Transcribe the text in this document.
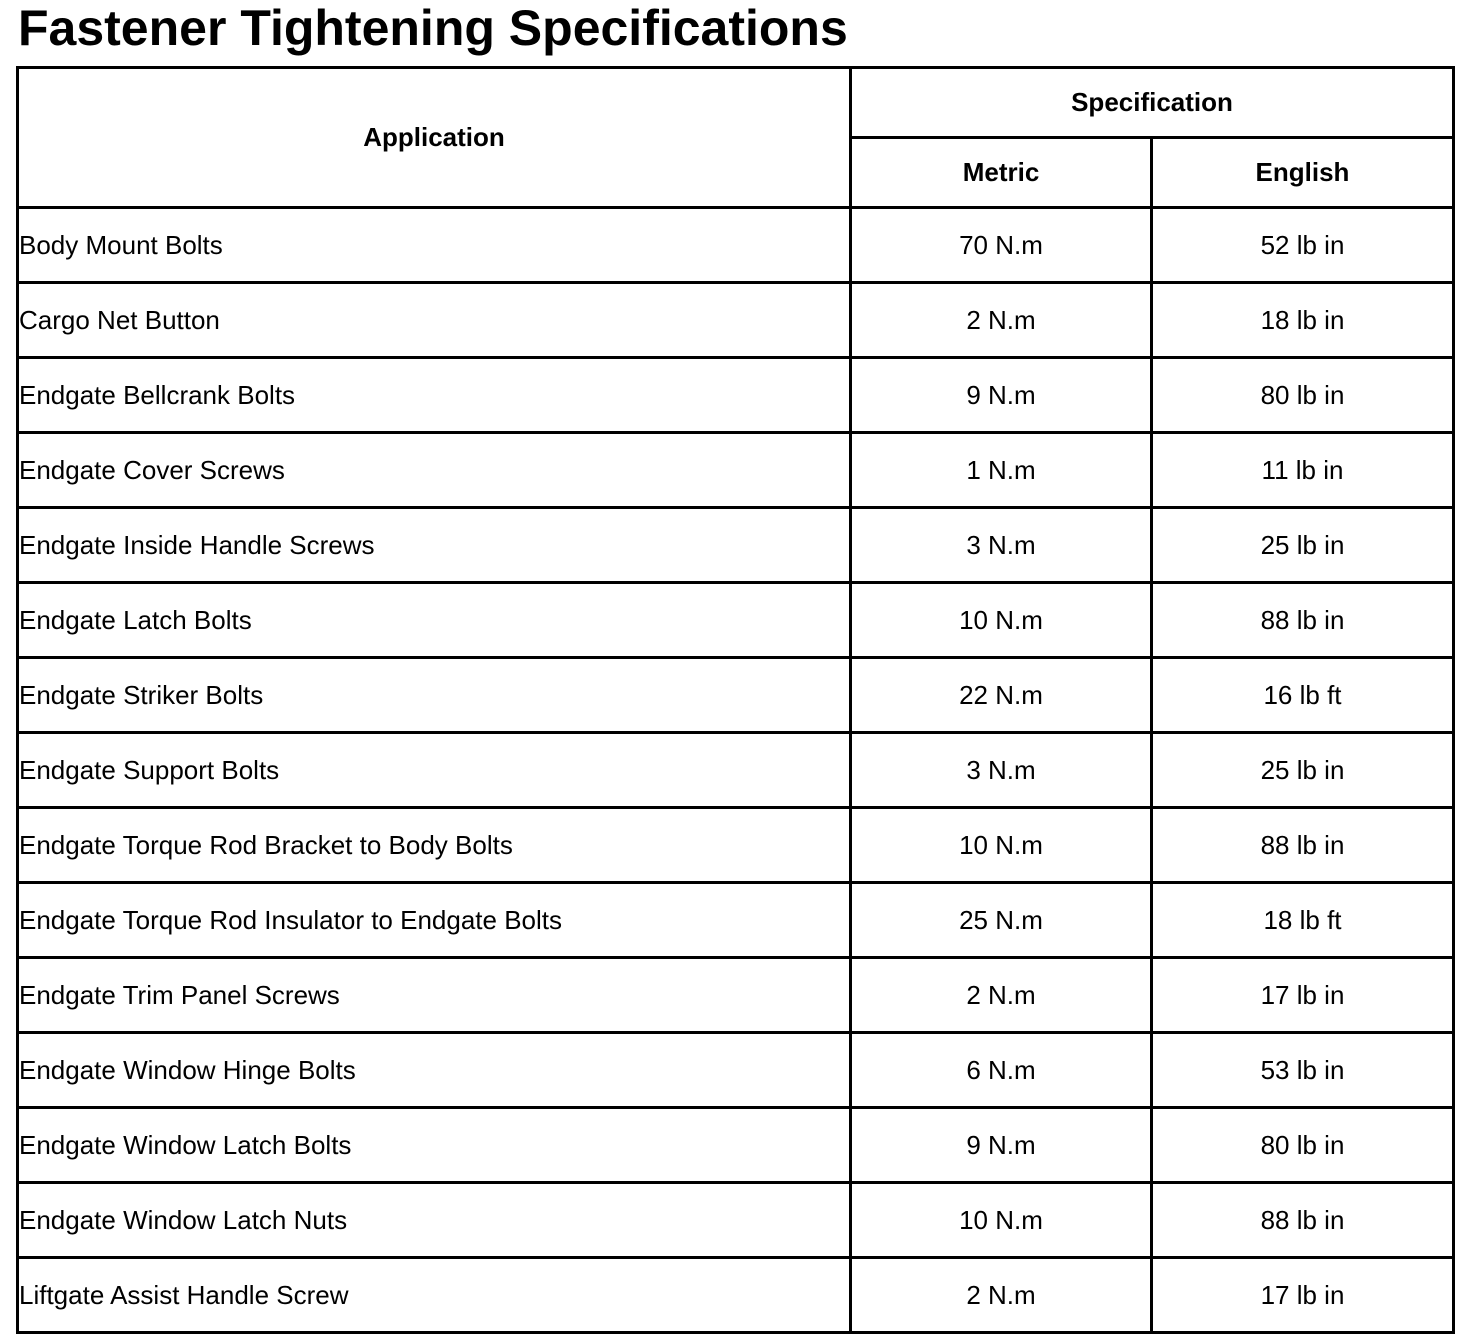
Fastener Tightening Specifications
Application	Specification	
	Metric	English
Body Mount Bolts	70 N.m	52 lb in
Cargo Net Button	2 N.m	18 lb in
Endgate Bellcrank Bolts	9 N.m	80 lb in
Endgate Cover Screws	1 N.m	11 lb in
Endgate Inside Handle Screws	3 N.m	25 lb in
Endgate Latch Bolts	10 N.m	88 lb in
Endgate Striker Bolts	22 N.m	16 lb ft
Endgate Support Bolts	3 N.m	25 lb in
Endgate Torque Rod Bracket to Body Bolts	10 N.m	88 lb in
Endgate Torque Rod Insulator to Endgate Bolts	25 N.m	18 lb ft
Endgate Trim Panel Screws	2 N.m	17 lb in
Endgate Window Hinge Bolts	6 N.m	53 lb in
Endgate Window Latch Bolts	9 N.m	80 lb in
Endgate Window Latch Nuts	10 N.m	88 lb in
Liftgate Assist Handle Screw	2 N.m	17 lb in
